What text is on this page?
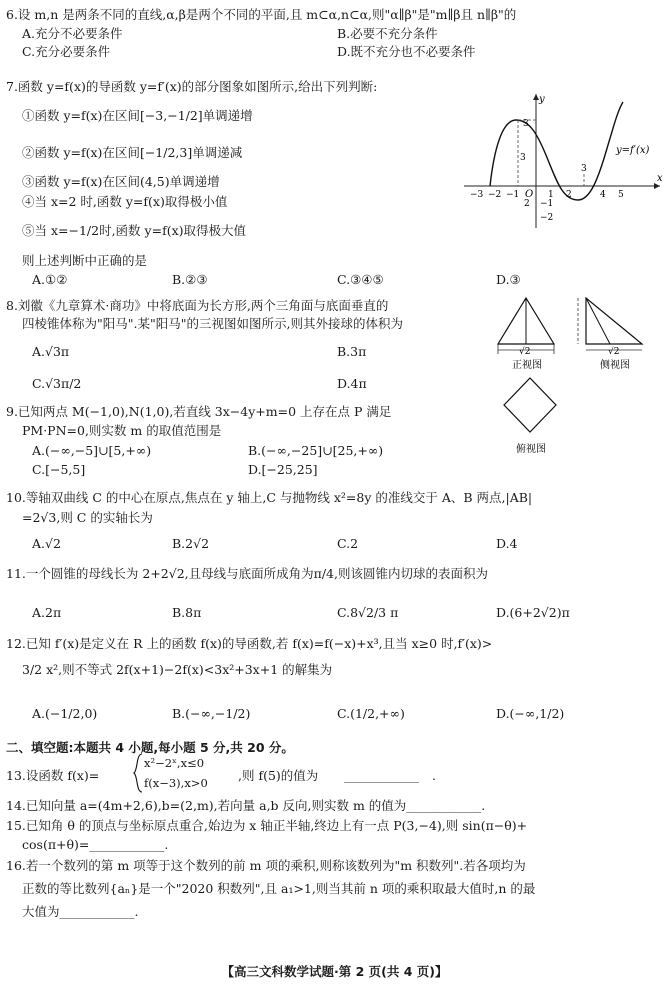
6.设 m,n 是两条不同的直线,α,β是两个不同的平面,且 m⊂α,n⊂α,则"α∥β"是"m∥β且 n∥β"的
A.充分不必要条件	B.必要不充分条件
C.充分必要条件	D.既不充分也不必要条件
7.函数 y=f(x)的导函数 y=f′(x)的部分图象如图所示,给出下列判断:
①函数 y=f(x)在区间[−3,−1/2]单调递增
②函数 y=f(x)在区间[−1/2,3]单调递减
③函数 y=f(x)在区间(4,5)单调递增
④当 x=2 时,函数 y=f(x)取得极小值
⑤当 x=−1/2时,函数 y=f(x)取得极大值
则上述判断中正确的是
A.①②	B.②③	C.③④⑤	D.③
y
x
y=f′(x)
O
−3 −2 −1	1 2
3
4 5
3
2 −1
−2
3
8.刘徽《九章算术·商功》中将底面为长方形,两个三角面与底面垂直的
四棱锥体称为"阳马".某"阳马"的三视图如图所示,则其外接球的体积为
A.√3π	B.3π
C.√3π/2	D.4π
√2
正视图
√2
侧视图
俯视图
9.已知两点 M(−1,0),N(1,0),若直线 3x−4y+m=0 上存在点 P 满足
PM·PN=0,则实数 m 的取值范围是
A.(−∞,−5]∪[5,+∞)	B.(−∞,−25]∪[25,+∞)
C.[−5,5]	D.[−25,25]
10.等轴双曲线 C 的中心在原点,焦点在 y 轴上,C 与抛物线 x²=8y 的准线交于 A、B 两点,|AB|
=2√3,则 C 的实轴长为
A.√2	B.2√2	C.2	D.4
11.一个圆锥的母线长为 2+2√2,且母线与底面所成角为π/4,则该圆锥内切球的表面积为
A.2π	B.8π	C.8√2/3 π	D.(6+2√2)π
12.已知 f′(x)是定义在 R 上的函数 f(x)的导函数,若 f(x)=f(−x)+x³,且当 x≥0 时,f′(x)>
3/2 x²,则不等式 2f(x+1)−2f(x)<3x²+3x+1 的解集为
A.(−1/2,0)	B.(−∞,−1/2)	C.(1/2,+∞)	D.(−∞,1/2)
二、填空题:本题共 4 小题,每小题 5 分,共 20 分。
13.设函数 f(x)=
x²−2ˣ,x≤0
f(x−3),x>0 ,则 f(5)的值为 ____________ .
14.已知向量 a=(4m+2,6),b=(2,m),若向量 a,b 反向,则实数 m 的值为____________.
15.已知角 θ 的顶点与坐标原点重合,始边为 x 轴正半轴,终边上有一点 P(3,−4),则 sin(π−θ)+
cos(π+θ)=____________.
16.若一个数列的第 m 项等于这个数列的前 m 项的乘积,则称该数列为"m 积数列".若各项均为
正数的等比数列{aₙ}是一个"2020 积数列",且 a₁>1,则当其前 n 项的乘积取最大值时,n 的最
大值为____________.
【高三文科数学试题·第 2 页(共 4 页)】
